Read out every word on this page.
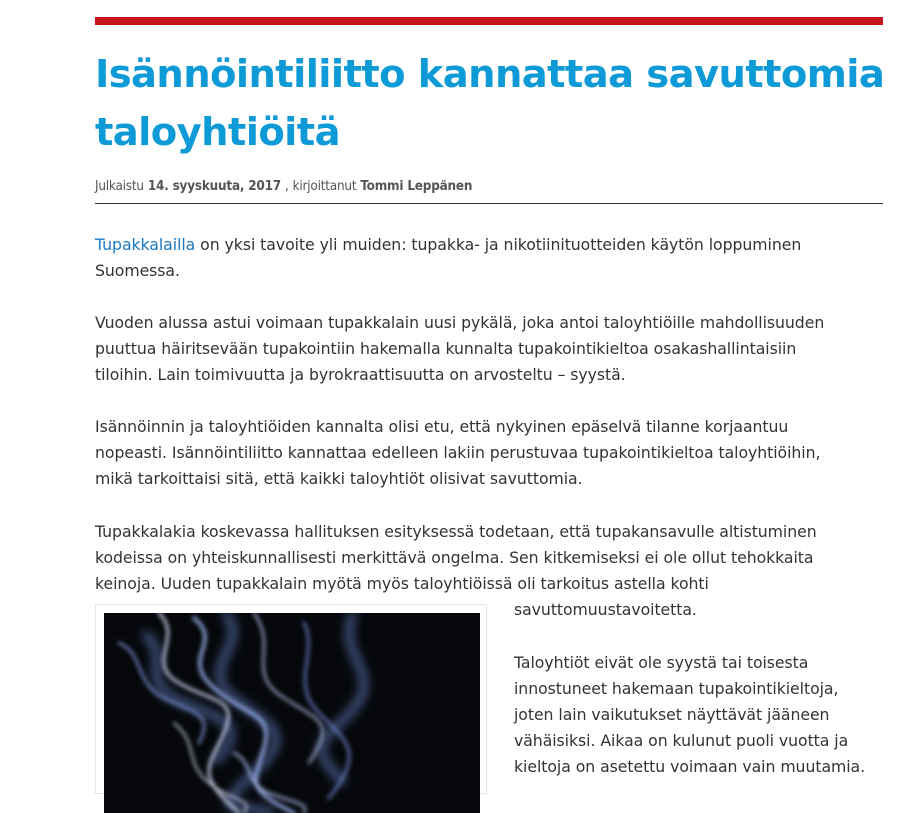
Isännöintiliitto kannattaa savuttomia
taloyhtiöitä
Julkaistu 14. syyskuuta, 2017 , kirjoittanut Tommi Leppänen

Tupakkalailla on yksi tavoite yli muiden: tupakka- ja nikotiinituotteiden käytön loppuminen
Suomessa.

Vuoden alussa astui voimaan tupakkalain uusi pykälä, joka antoi taloyhtiöille mahdollisuuden
puuttua häiritsevään tupakointiin hakemalla kunnalta tupakointikieltoa osakashallintaisiin
tiloihin. Lain toimivuutta ja byrokraattisuutta on arvosteltu – syystä.

Isännöinnin ja taloyhtiöiden kannalta olisi etu, että nykyinen epäselvä tilanne korjaantuu
nopeasti. Isännöintiliitto kannattaa edelleen lakiin perustuvaa tupakointikieltoa taloyhtiöihin,
mikä tarkoittaisi sitä, että kaikki taloyhtiöt olisivat savuttomia.

Tupakkalakia koskevassa hallituksen esityksessä todetaan, että tupakansavulle altistuminen
kodeissa on yhteiskunnallisesti merkittävä ongelma. Sen kitkemiseksi ei ole ollut tehokkaita
keinoja. Uuden tupakkalain myötä myös taloyhtiöissä oli tarkoitus astella kohti

savuttomuustavoitetta.

Taloyhtiöt eivät ole syystä tai toisesta
innostuneet hakemaan tupakointikieltoja,
joten lain vaikutukset näyttävät jääneen
vähäisiksi. Aikaa on kulunut puoli vuotta ja
kieltoja on asetettu voimaan vain muutamia.
